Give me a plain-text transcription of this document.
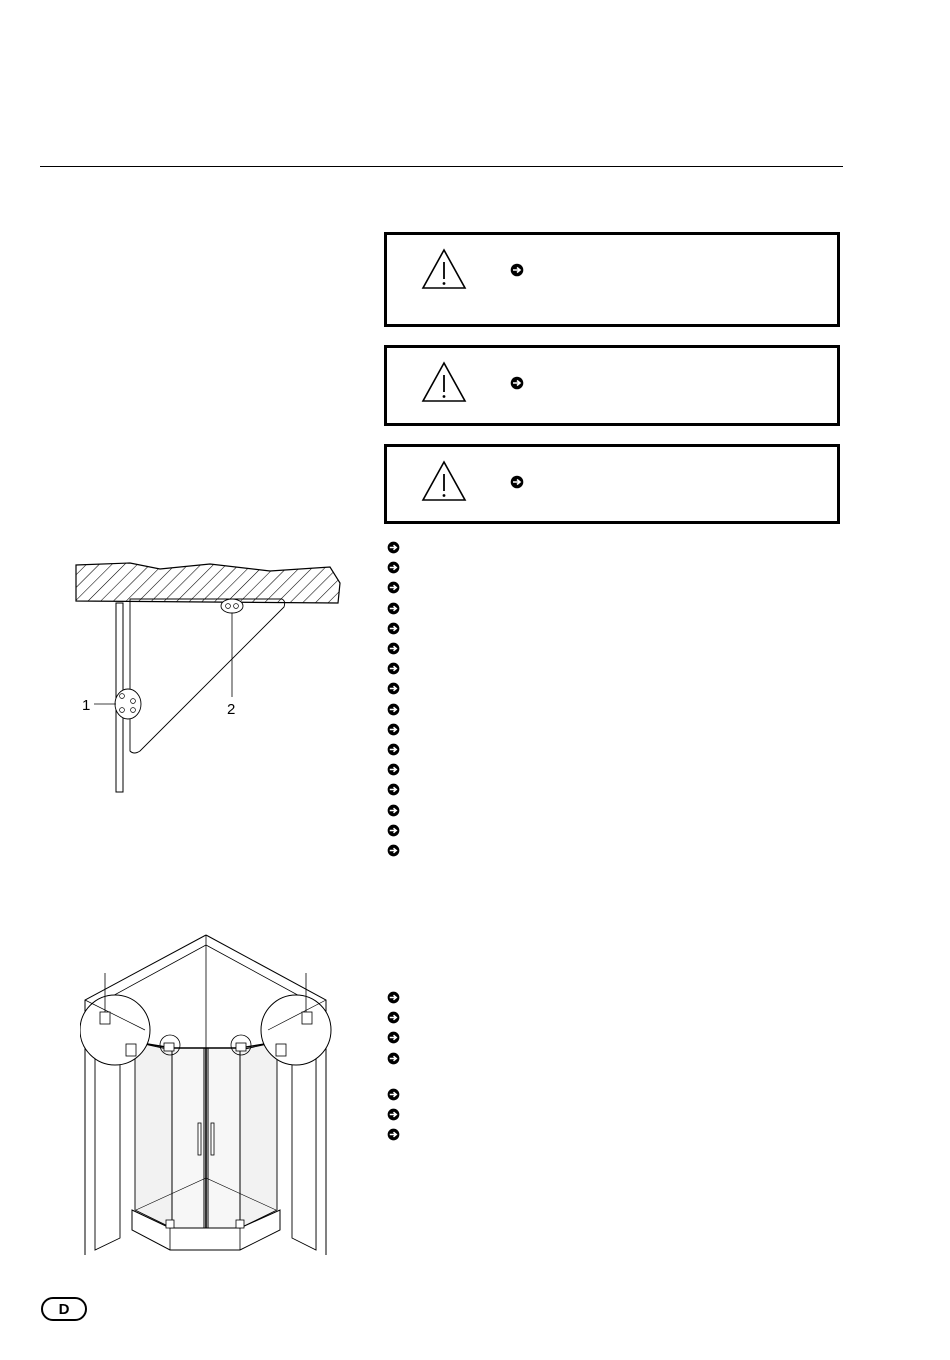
1	2
D
